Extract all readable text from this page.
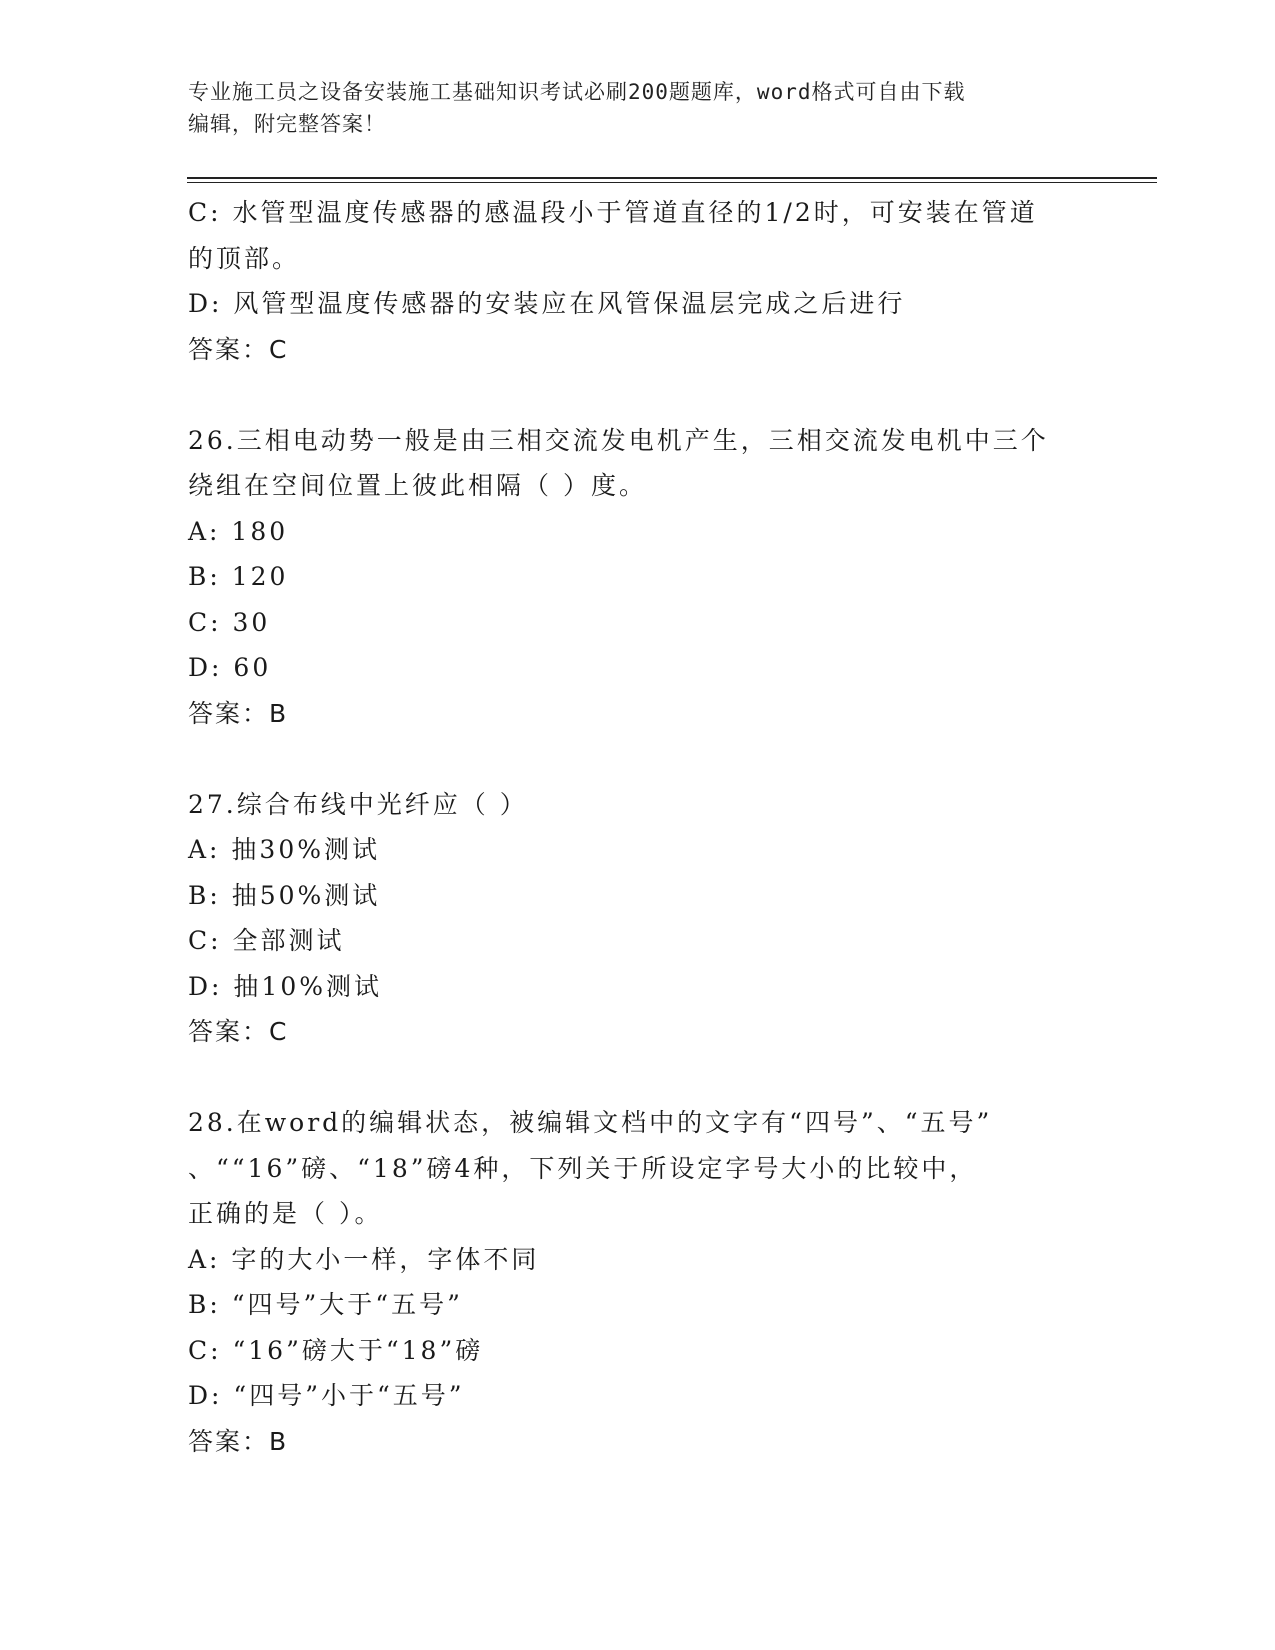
专业施工员之设备安装施工基础知识考试必刷200题题库，word格式可自由下载
编辑，附完整答案！
C: 水管型温度传感器的感温段小于管道直径的1/2时，可安装在管道
的顶部。
D: 风管型温度传感器的安装应在风管保温层完成之后进行
答案：C
26.三相电动势一般是由三相交流发电机产生，三相交流发电机中三个
绕组在空间位置上彼此相隔（ ）度。
A: 180
B: 120
C: 30
D: 60
答案：B
27.综合布线中光纤应（ ）
A: 抽30%测试
B: 抽50%测试
C: 全部测试
D: 抽10%测试
答案：C
28.在word的编辑状态，被编辑文档中的文字有“四号”、“五号”
、““16”磅、“18”磅4种，下列关于所设定字号大小的比较中，
正确的是（ ）。
A: 字的大小一样，字体不同
B: “四号”大于“五号”
C: “16”磅大于“18”磅
D: “四号”小于“五号”
答案：B
